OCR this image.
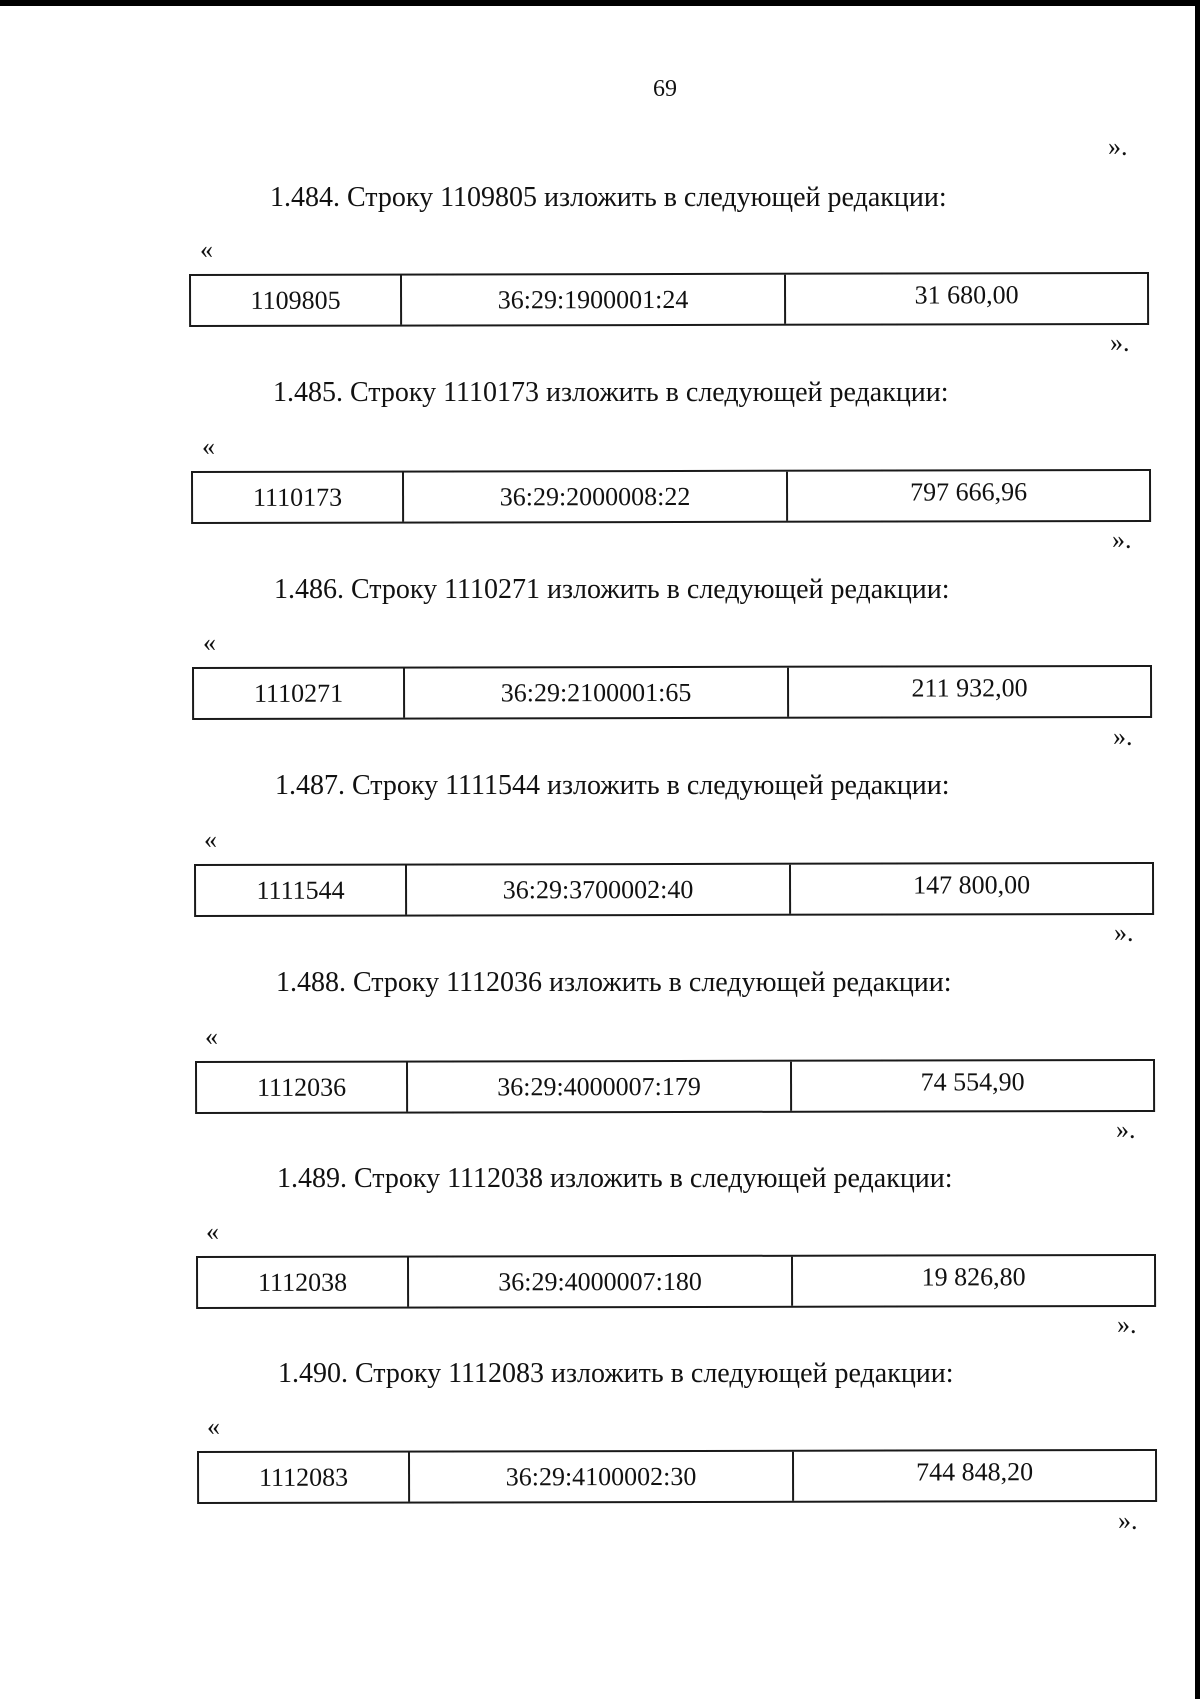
69
».
1.484. Строку 1109805 изложить в следующей редакции:
«
1109805	36:29:1900001:24	31 680,00
».
1.485. Строку 1110173 изложить в следующей редакции:
«
1110173	36:29:2000008:22	797 666,96
».
1.486. Строку 1110271 изложить в следующей редакции:
«
1110271	36:29:2100001:65	211 932,00
».
1.487. Строку 1111544 изложить в следующей редакции:
«
1111544	36:29:3700002:40	147 800,00
».
1.488. Строку 1112036 изложить в следующей редакции:
«
1112036	36:29:4000007:179	74 554,90
».
1.489. Строку 1112038 изложить в следующей редакции:
«
1112038	36:29:4000007:180	19 826,80
».
1.490. Строку 1112083 изложить в следующей редакции:
«
1112083	36:29:4100002:30	744 848,20
».
